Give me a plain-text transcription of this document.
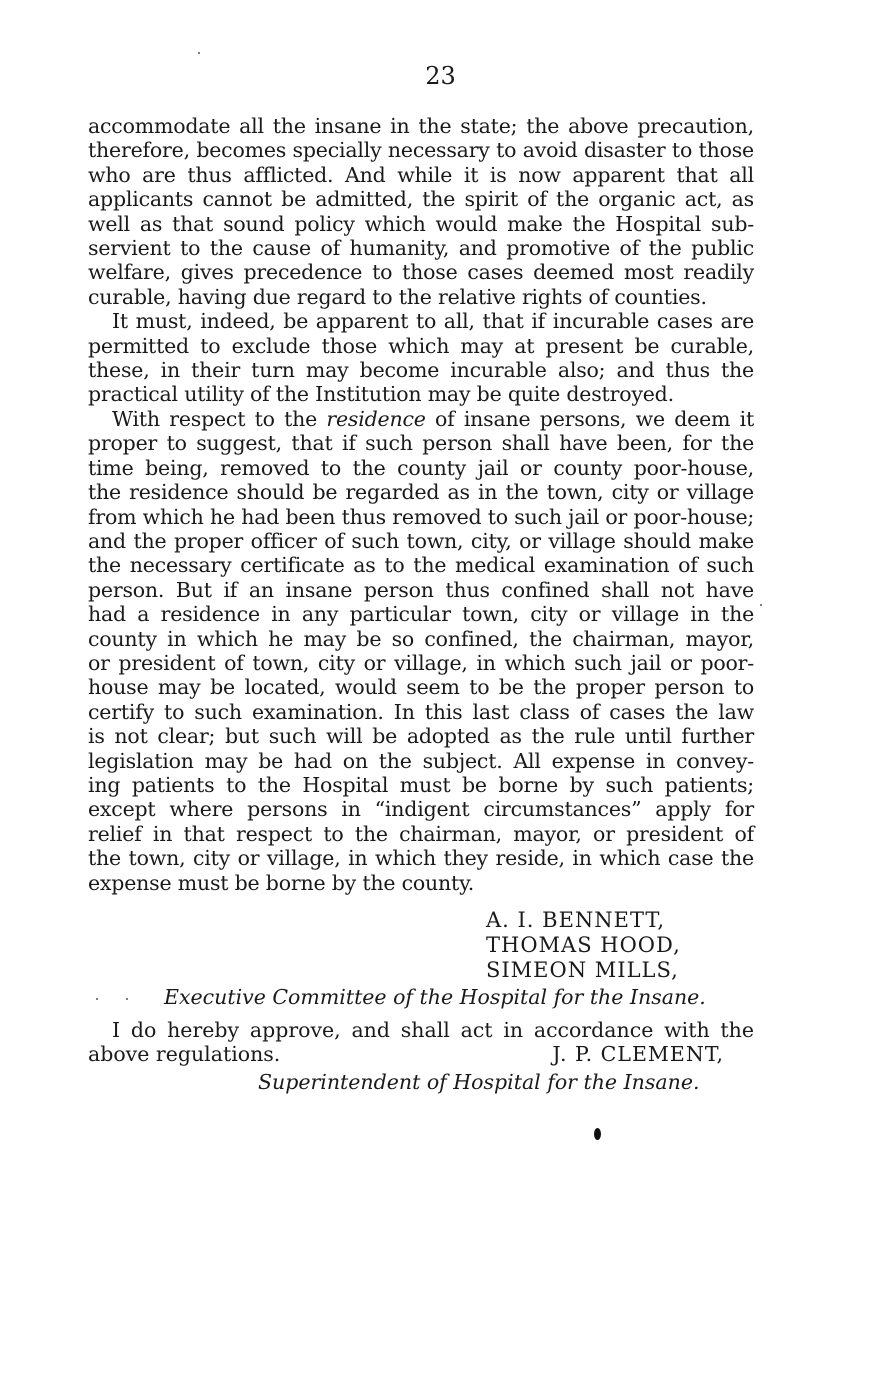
23
accommodate all the insane in the state; the above precaution,
therefore, becomes specially necessary to avoid disaster to those
who are thus afflicted. And while it is now apparent that all
applicants cannot be admitted, the spirit of the organic act, as
well as that sound policy which would make the Hospital sub-
servient to the cause of humanity, and promotive of the public
welfare, gives precedence to those cases deemed most readily
curable, having due regard to the relative rights of counties.
It must, indeed, be apparent to all, that if incurable cases are
permitted to exclude those which may at present be curable,
these, in their turn may become incurable also; and thus the
practical utility of the Institution may be quite destroyed.
With respect to the residence of insane persons, we deem it
proper to suggest, that if such person shall have been, for the
time being, removed to the county jail or county poor-house,
the residence should be regarded as in the town, city or village
from which he had been thus removed to such jail or poor-house;
and the proper officer of such town, city, or village should make
the necessary certificate as to the medical examination of such
person. But if an insane person thus confined shall not have
had a residence in any particular town, city or village in the
county in which he may be so confined, the chairman, mayor,
or president of town, city or village, in which such jail or poor-
house may be located, would seem to be the proper person to
certify to such examination. In this last class of cases the law
is not clear; but such will be adopted as the rule until further
legislation may be had on the subject. All expense in convey-
ing patients to the Hospital must be borne by such patients;
except where persons in “indigent circumstances” apply for
relief in that respect to the chairman, mayor, or president of
the town, city or village, in which they reside, in which case the
expense must be borne by the county.
A. I. BENNETT,
THOMAS HOOD,
SIMEON MILLS,
Executive Committee of the Hospital for the Insane.
I do hereby approve, and shall act in accordance with the
above regulations.	J. P. CLEMENT,
Superintendent of Hospital for the Insane.
